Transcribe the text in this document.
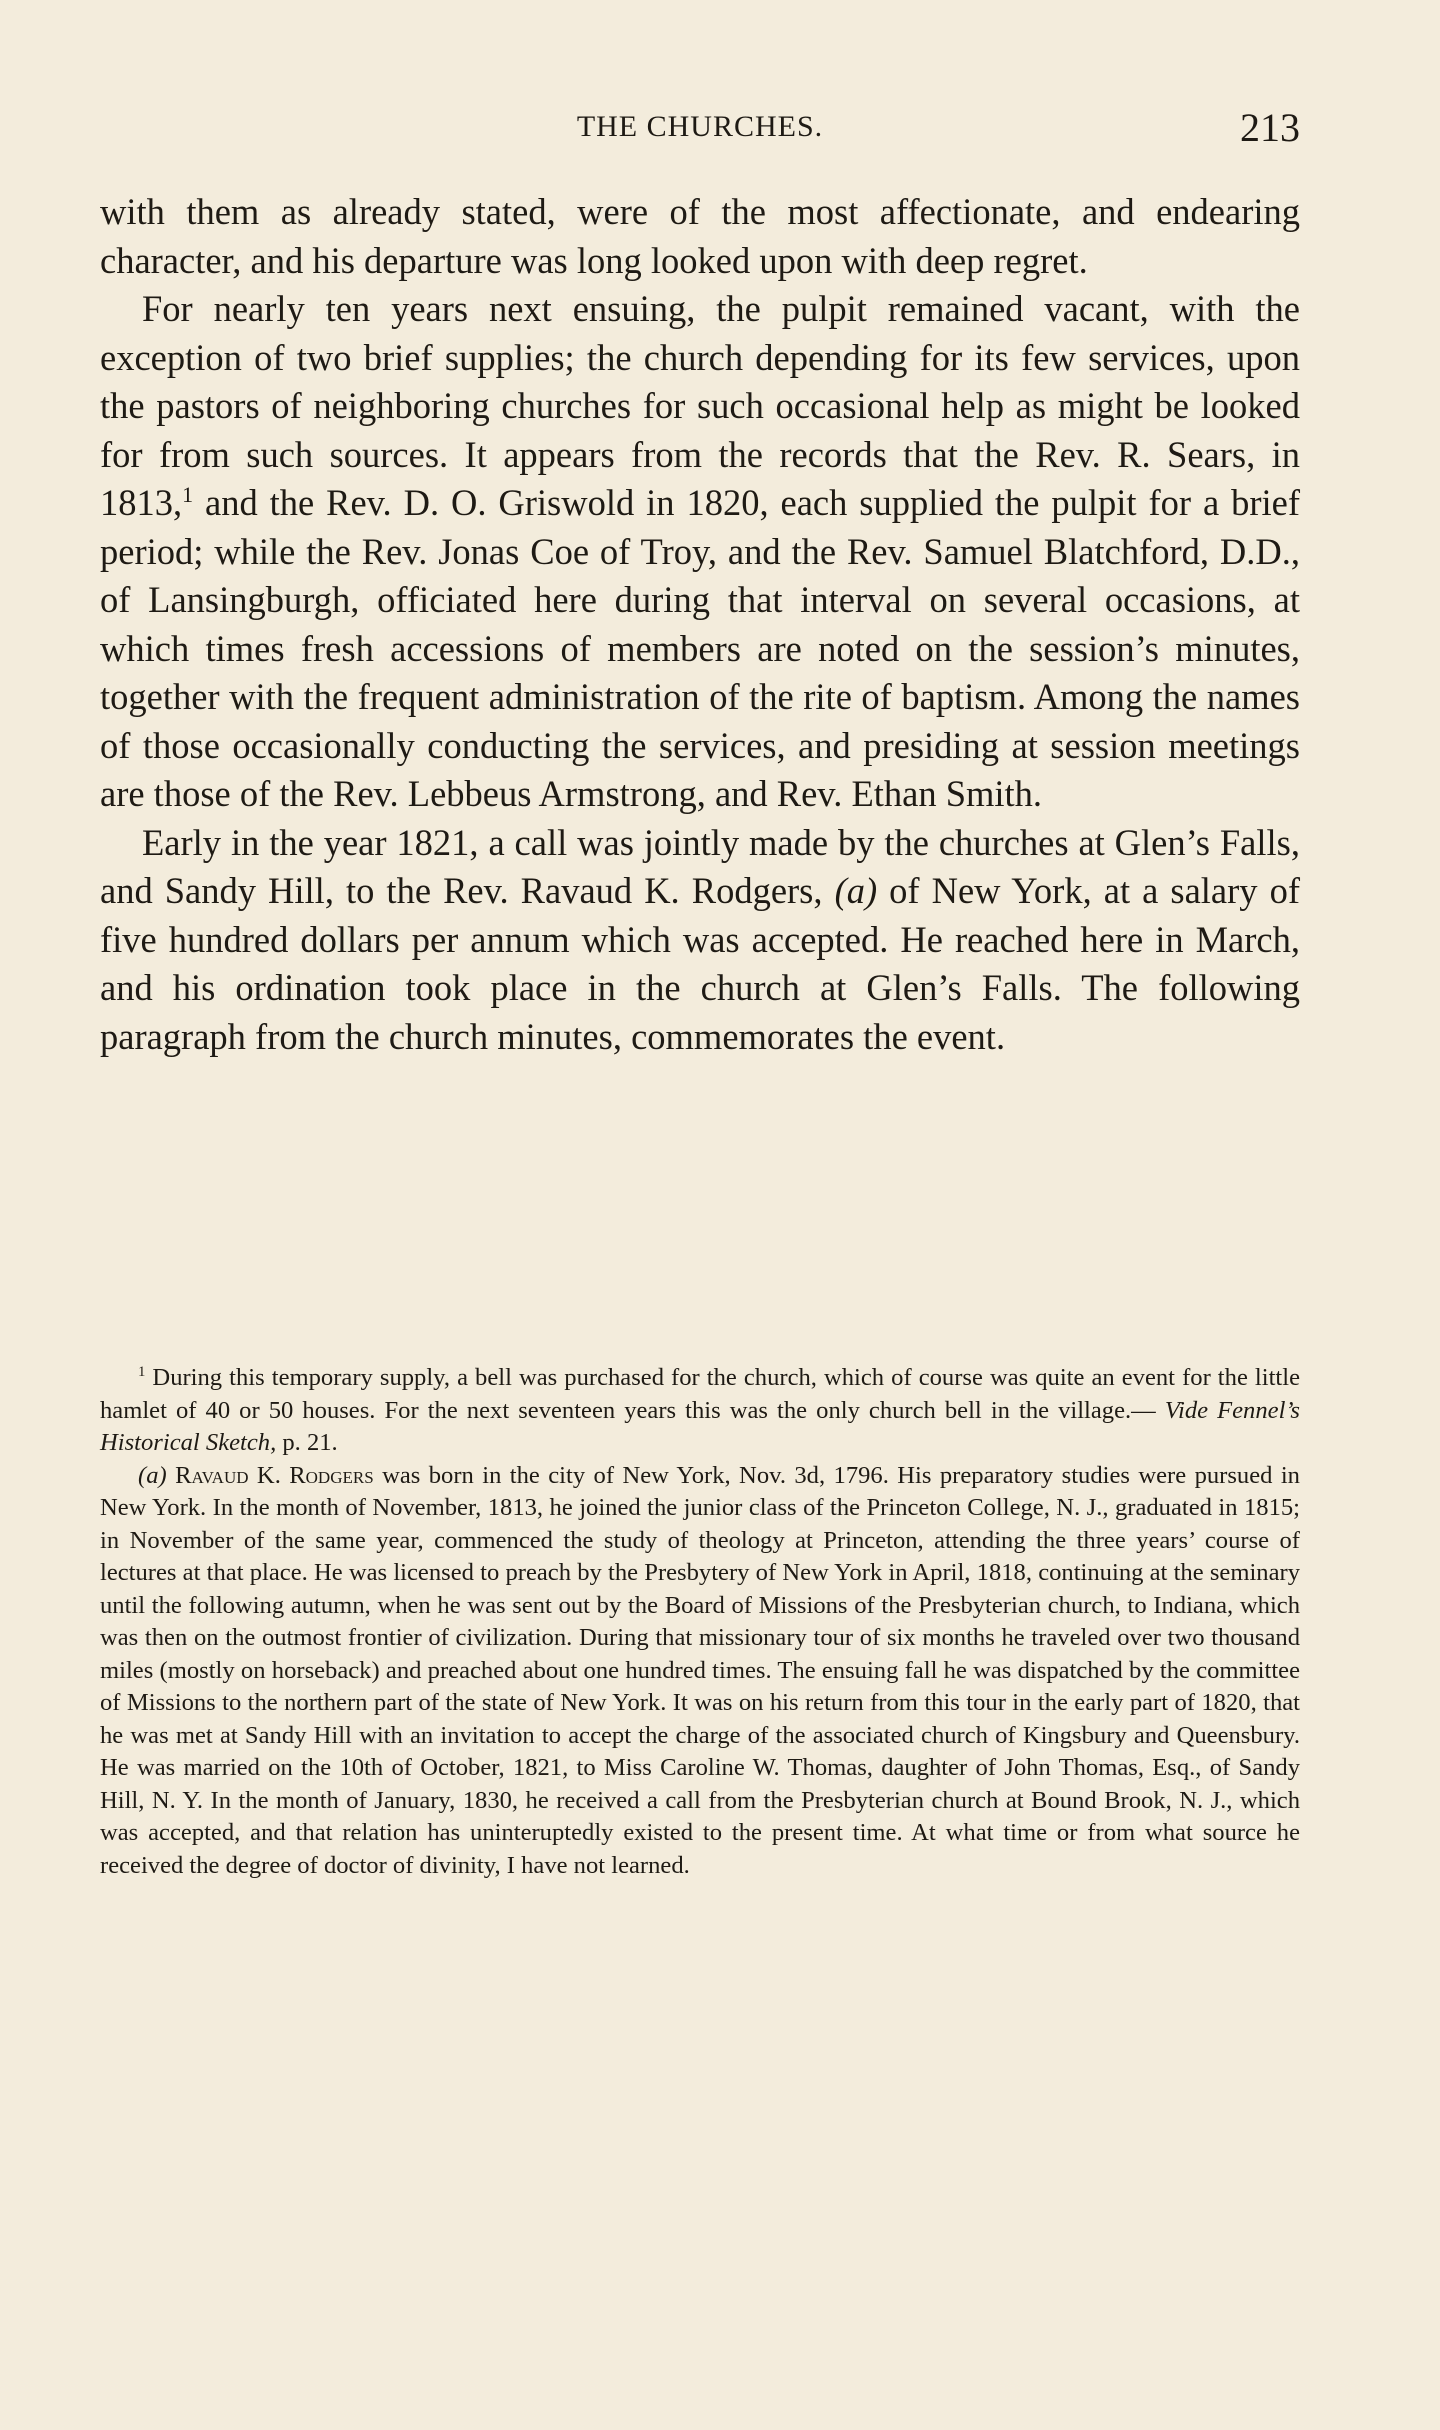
THE CHURCHES.	213

with them as already stated, were of the most affectionate, and endearing character, and his departure was long looked upon with deep regret.

For nearly ten years next ensuing, the pulpit remained vacant, with the exception of two brief supplies; the church depending for its few services, upon the pastors of neighboring churches for such occasional help as might be looked for from such sources. It appears from the records that the Rev. R. Sears, in 1813,$^1$ and the Rev. D. O. Griswold in 1820, each supplied the pulpit for a brief period; while the Rev. Jonas Coe of Troy, and the Rev. Samuel Blatchford, D.D., of Lansingburgh, officiated here during that interval on several occasions, at which times fresh accessions of members are noted on the session’s minutes, together with the frequent administration of the rite of baptism. Among the names of those occasionally conducting the services, and presiding at session meetings are those of the Rev. Lebbeus Armstrong, and Rev. Ethan Smith.

Early in the year 1821, a call was jointly made by the churches at Glen’s Falls, and Sandy Hill, to the Rev. Ravaud K. Rodgers, (a) of New York, at a salary of five hundred dollars per annum which was accepted. He reached here in March, and his ordination took place in the church at Glen’s Falls. The following paragraph from the church minutes, commemorates the event.

$^1$ During this temporary supply, a bell was purchased for the church, which of course was quite an event for the little hamlet of 40 or 50 houses. For the next seventeen years this was the only church bell in the village.— Vide Fennel’s Historical Sketch, p. 21.

(a) Ravaud K. Rodgers was born in the city of New York, Nov. 3d, 1796. His preparatory studies were pursued in New York. In the month of November, 1813, he joined the junior class of the Princeton College, N. J., graduated in 1815; in November of the same year, commenced the study of theology at Princeton, attending the three years’ course of lectures at that place. He was licensed to preach by the Presbytery of New York in April, 1818, continuing at the seminary until the following autumn, when he was sent out by the Board of Missions of the Presbyterian church, to Indiana, which was then on the outmost frontier of civilization. During that missionary tour of six months he traveled over two thousand miles (mostly on horseback) and preached about one hundred times. The ensuing fall he was dispatched by the committee of Missions to the northern part of the state of New York. It was on his return from this tour in the early part of 1820, that he was met at Sandy Hill with an invitation to accept the charge of the associated church of Kingsbury and Queensbury. He was married on the 10th of October, 1821, to Miss Caroline W. Thomas, daughter of John Thomas, Esq., of Sandy Hill, N. Y. In the month of January, 1830, he received a call from the Presbyterian church at Bound Brook, N. J., which was accepted, and that relation has uninteruptedly existed to the present time. At what time or from what source he received the degree of doctor of divinity, I have not learned.
